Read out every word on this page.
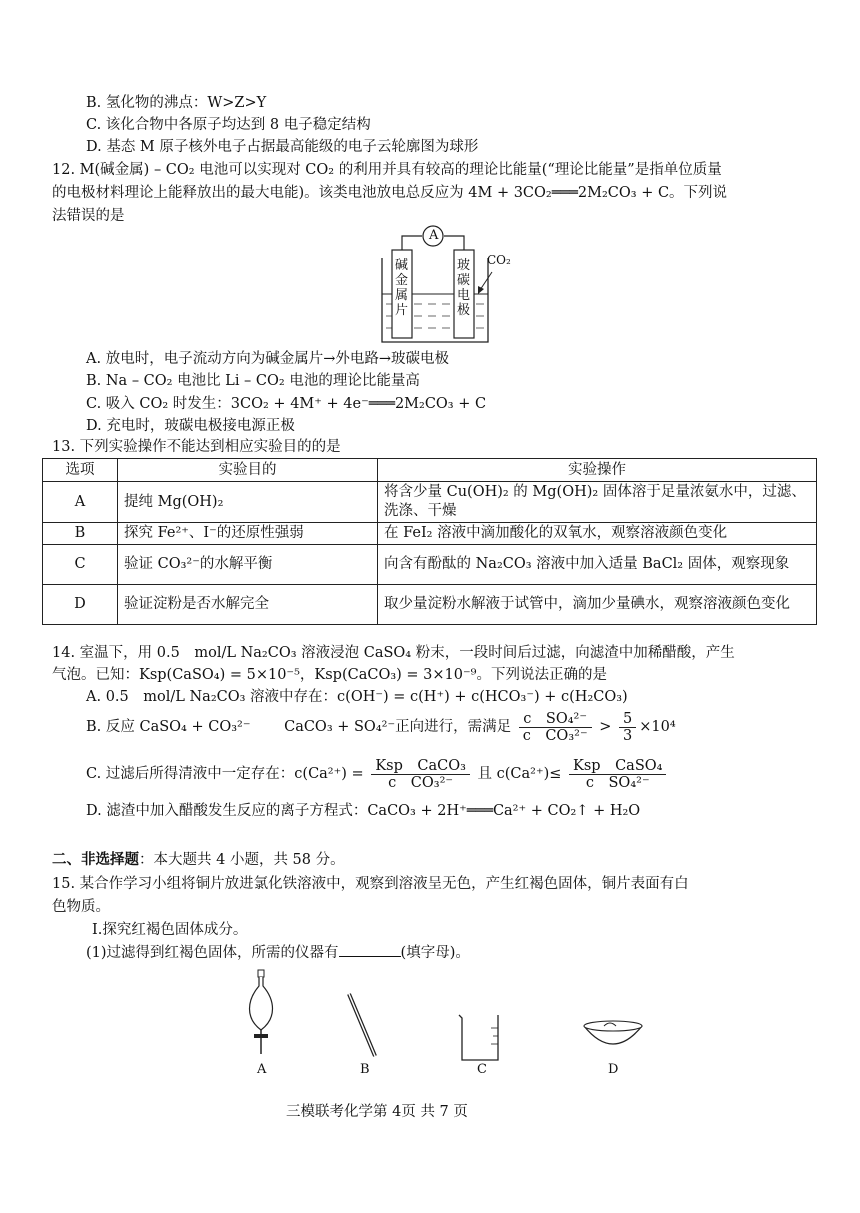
B. 氢化物的沸点：W>Z>Y
C. 该化合物中各原子均达到 8 电子稳定结构
D. 基态 M 原子核外电子占据最高能级的电子云轮廓图为球形
12. M(碱金属) – CO₂ 电池可以实现对 CO₂ 的利用并具有较高的理论比能量(“理论比能量”是指单位质量
的电极材料理论上能释放出的最大电能)。该类电池放电总反应为 4M + 3CO₂═══2M₂CO₃ + C。下列说
法错误的是
A
CO₂
碱
金
属
片
玻
碳
电
极
A. 放电时，电子流动方向为碱金属片→外电路→玻碳电极
B. Na – CO₂ 电池比 Li – CO₂ 电池的理论比能量高
C. 吸入 CO₂ 时发生：3CO₂ + 4M⁺ + 4e⁻═══2M₂CO₃ + C
D. 充电时，玻碳电极接电源正极
13. 下列实验操作不能达到相应实验目的的是
选项	实验目的	实验操作
A	提纯 Mg(OH)₂	将含少量 Cu(OH)₂ 的 Mg(OH)₂ 固体溶于足量浓氨水中，过滤、洗涤、干燥
B	探究 Fe²⁺、I⁻的还原性强弱	在 FeI₂ 溶液中滴加酸化的双氧水，观察溶液颜色变化
C	验证 CO₃²⁻的水解平衡	向含有酚酞的 Na₂CO₃ 溶液中加入适量 BaCl₂ 固体，观察现象
D	验证淀粉是否水解完全	取少量淀粉水解液于试管中，滴加少量碘水，观察溶液颜色变化
14. 室温下，用 0.5　mol/L Na₂CO₃ 溶液浸泡 CaSO₄ 粉末，一段时间后过滤，向滤渣中加稀醋酸，产生
气泡。已知：Ksp(CaSO₄) = 5×10⁻⁵，Ksp(CaCO₃) = 3×10⁻⁹。下列说法正确的是
A. 0.5　mol/L Na₂CO₃ 溶液中存在：c(OH⁻) = c(H⁺) + c(HCO₃⁻) + c(H₂CO₃)
B. 反应 CaSO₄ + CO₃²⁻　　 CaCO₃ + SO₄²⁻正向进行，需满足 $\frac{\text{c　SO₄²⁻}}{\text{c　CO₃²⁻}} > \frac{5}{3} \times 10^4$
C. 过滤后所得清液中一定存在：$c(Ca^{2+}) = \frac{\text{Ksp　CaCO₃}}{\text{c　CO₃²⁻}}$ 且 $c(Ca^{2+})\le \frac{\text{Ksp　CaSO₄}}{\text{c　SO₄²⁻}}$
D. 滤渣中加入醋酸发生反应的离子方程式：CaCO₃ + 2H⁺═══Ca²⁺ + CO₂↑ + H₂O
二、非选择题：本大题共 4 小题，共 58 分。
15. 某合作学习小组将铜片放进氯化铁溶液中，观察到溶液呈无色，产生红褐色固体，铜片表面有白
色物质。
Ⅰ.探究红褐色固体成分。
(1)过滤得到红褐色固体，所需的仪器有	(填字母)。
A	B	C	D
三模联考化学第 4页 共 7 页
